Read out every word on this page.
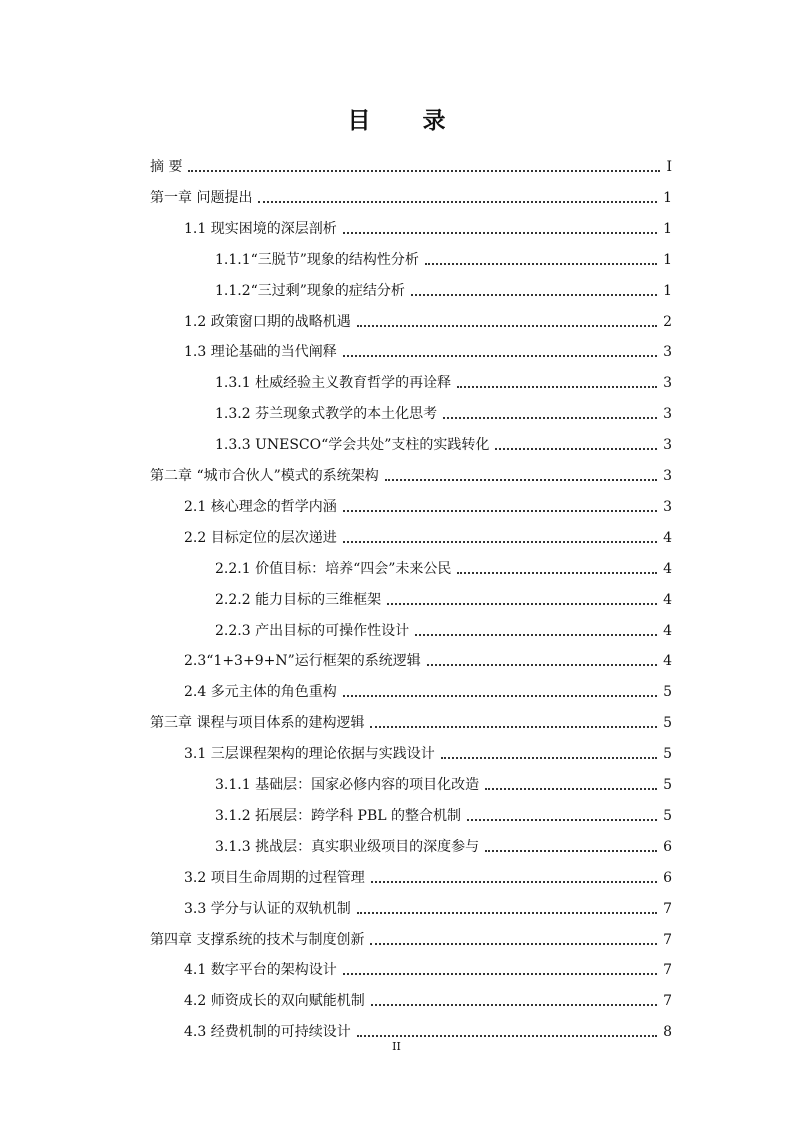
目 录
摘 要	I
第一章 问题提出	1
1.1 现实困境的深层剖析	1
1.1.1“三脱节”现象的结构性分析	1
1.1.2“三过剩”现象的症结分析	1
1.2 政策窗口期的战略机遇	2
1.3 理论基础的当代阐释	3
1.3.1 杜威经验主义教育哲学的再诠释	3
1.3.2 芬兰现象式教学的本土化思考	3
1.3.3 UNESCO“学会共处”支柱的实践转化	3
第二章 “城市合伙人”模式的系统架构	3
2.1 核心理念的哲学内涵	3
2.2 目标定位的层次递进	4
2.2.1 价值目标：培养“四会”未来公民	4
2.2.2 能力目标的三维框架	4
2.2.3 产出目标的可操作性设计	4
2.3“1+3+9+N”运行框架的系统逻辑	4
2.4 多元主体的角色重构	5
第三章 课程与项目体系的建构逻辑	5
3.1 三层课程架构的理论依据与实践设计	5
3.1.1 基础层：国家必修内容的项目化改造	5
3.1.2 拓展层：跨学科 PBL 的整合机制	5
3.1.3 挑战层：真实职业级项目的深度参与	6
3.2 项目生命周期的过程管理	6
3.3 学分与认证的双轨机制	7
第四章 支撑系统的技术与制度创新	7
4.1 数字平台的架构设计	7
4.2 师资成长的双向赋能机制	7
4.3 经费机制的可持续设计	8
II
